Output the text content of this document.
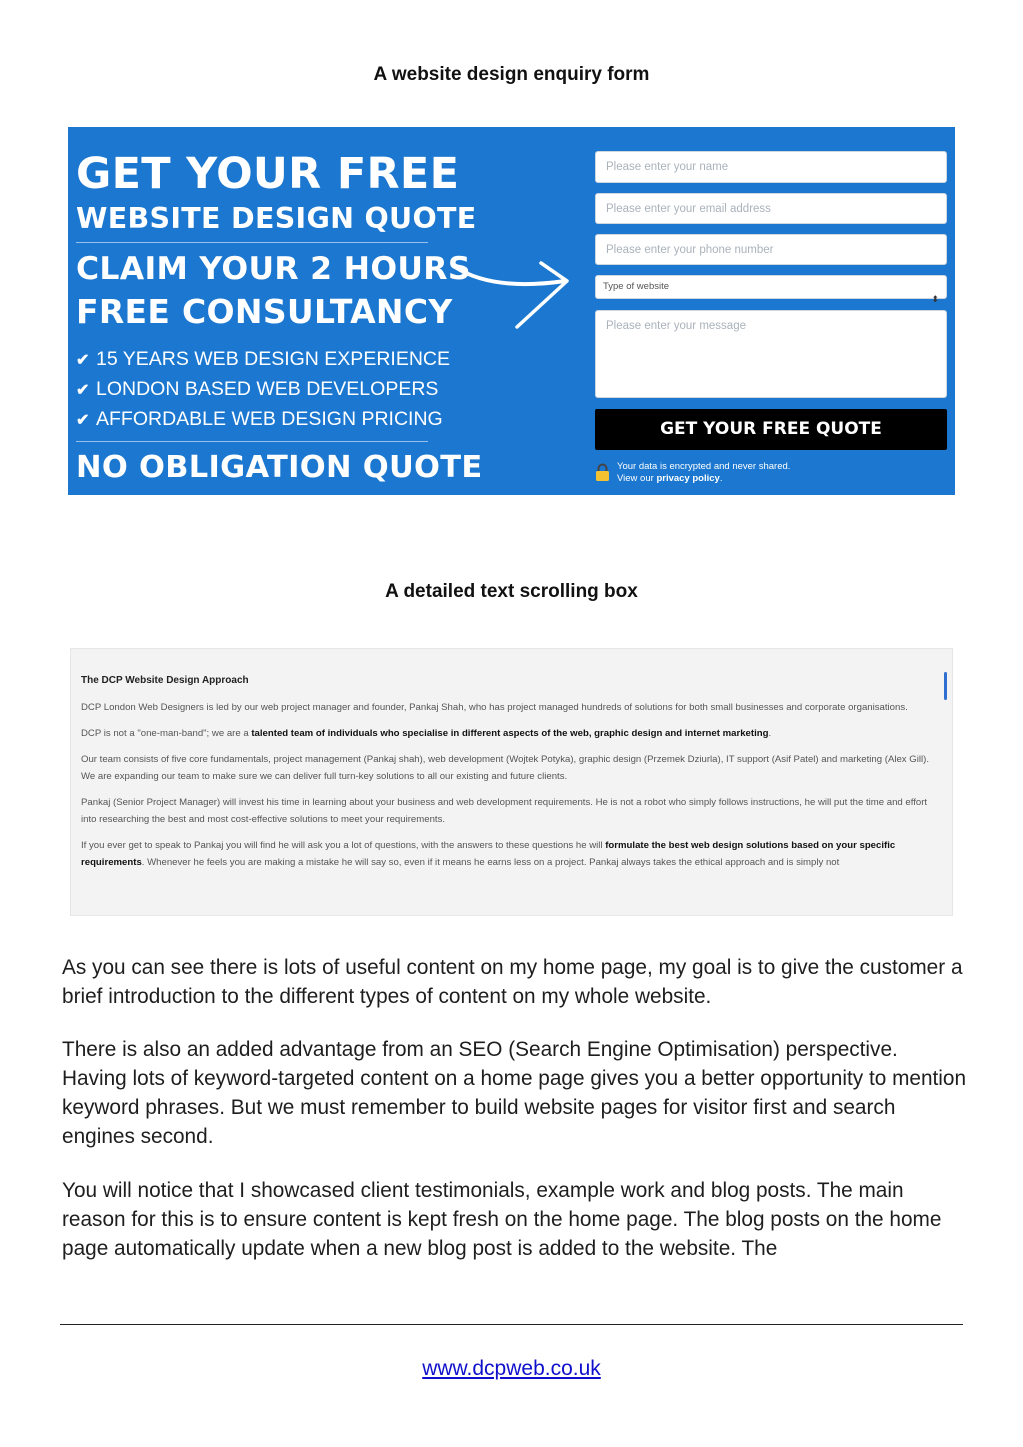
A website design enquiry form
GET YOUR FREE
WEBSITE DESIGN QUOTE
CLAIM YOUR 2 HOURS
FREE CONSULTANCY
✔ 15 YEARS WEB DESIGN EXPERIENCE
✔ LONDON BASED WEB DEVELOPERS
✔ AFFORDABLE WEB DESIGN PRICING
NO OBLIGATION QUOTE
Please enter your name
Please enter your email address
Please enter your phone number
Type of website
⬍
Please enter your message
GET YOUR FREE QUOTE
Your data is encrypted and never shared.
View our privacy policy.
A detailed text scrolling box

The DCP Website Design Approach

DCP London Web Designers is led by our web project manager and founder, Pankaj Shah, who has project managed hundreds of solutions for both small businesses and corporate organisations.

DCP is not a "one-man-band"; we are a talented team of individuals who specialise in different aspects of the web, graphic design and internet marketing.

Our team consists of five core fundamentals, project management (Pankaj shah), web development (Wojtek Potyka), graphic design (Przemek Dziurla), IT support (Asif Patel) and marketing (Alex Gill). We are expanding our team to make sure we can deliver full turn-key solutions to all our existing and future clients.

Pankaj (Senior Project Manager) will invest his time in learning about your business and web development requirements. He is not a robot who simply follows instructions, he will put the time and effort into researching the best and most cost-effective solutions to meet your requirements.

If you ever get to speak to Pankaj you will find he will ask you a lot of questions, with the answers to these questions he will formulate the best web design solutions based on your specific requirements. Whenever he feels you are making a mistake he will say so, even if it means he earns less on a project. Pankaj always takes the ethical approach and is simply not

As you can see there is lots of useful content on my home page, my goal is to give the customer a brief introduction to the different types of content on my whole website.

There is also an added advantage from an SEO (Search Engine Optimisation) perspective. Having lots of keyword-targeted content on a home page gives you a better opportunity to mention keyword phrases. But we must remember to build website pages for visitor first and search engines second.

You will notice that I showcased client testimonials, example work and blog posts. The main reason for this is to ensure content is kept fresh on the home page. The blog posts on the home page automatically update when a new blog post is added to the website. The

www.dcpweb.co.uk
